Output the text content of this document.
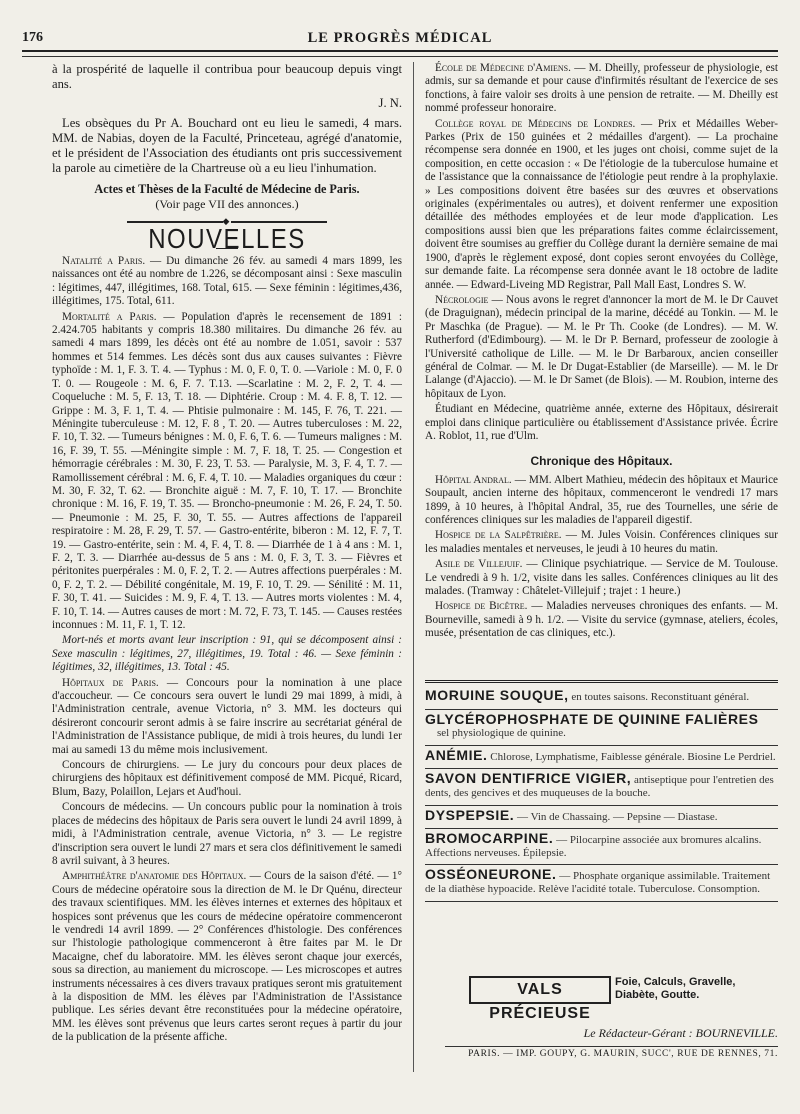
176	LE PROGRÈS MÉDICAL

à la prospérité de laquelle il contribua pour beaucoup depuis vingt ans.

J. N.

Les obsèques du Pr A. Bouchard ont eu lieu le samedi, 4 mars. MM. de Nabias, doyen de la Faculté, Princeteau, agrégé d'anatomie, et le président de l'Association des étudiants ont pris successivement la parole au cimetière de la Chartreuse où a eu lieu l'inhumation.

Actes et Thèses de la Faculté de Médecine de Paris.
(Voir page VII des annonces.)
◆
NOUVELLES

Natalité a Paris. — Du dimanche 26 fév. au samedi 4 mars 1899, les naissances ont été au nombre de 1.226, se décomposant ainsi : Sexe masculin : légitimes, 447, illégitimes, 168. Total, 615. — Sexe féminin : légitimes,436, illégitimes, 175. Total, 611.

Mortalité a Paris. — Population d'après le recensement de 1891 : 2.424.705 habitants y compris 18.380 militaires. Du dimanche 26 fév. au samedi 4 mars 1899, les décès ont été au nombre de 1.051, savoir : 537 hommes et 514 femmes. Les décès sont dus aux causes suivantes : Fièvre typhoïde : M. 1, F. 3. T. 4. — Typhus : M. 0, F. 0, T. 0. —Variole : M. 0, F. 0 T. 0. — Rougeole : M. 6, F. 7. T.13. —Scarlatine : M. 2, F. 2, T. 4. — Coqueluche : M. 5, F. 13, T. 18. — Diphtérie. Croup : M. 4. F. 8, T. 12. — Grippe : M. 3, F. 1, T. 4. — Phtisie pulmonaire : M. 145, F. 76, T. 221. — Méningite tuberculeuse : M. 12, F. 8 , T. 20. — Autres tuberculoses : M. 22, F. 10, T. 32. — Tumeurs bénignes : M. 0, F. 6, T. 6. — Tumeurs malignes : M. 16, F. 39, T. 55. —Méningite simple : M. 7, F. 18, T. 25. — Congestion et hémorragie cérébrales : M. 30, F. 23, T. 53. — Paralysie, M. 3, F. 4, T. 7. — Ramollissement cérébral : M. 6, F. 4, T. 10. — Maladies organiques du cœur : M. 30, F. 32, T. 62. — Bronchite aiguë : M. 7, F. 10, T. 17. — Bronchite chronique : M. 16, F. 19, T. 35. — Broncho-pneumonie : M. 26, F. 24, T. 50. — Pneumonie : M. 25, F. 30, T. 55. — Autres affections de l'appareil respiratoire : M. 28, F. 29, T. 57. — Gastro-entérite, biberon : M. 12, F. 7, T. 19. — Gastro-entérite, sein : M. 4, F. 4, T. 8. — Diarrhée de 1 à 4 ans : M. 1, F. 2, T. 3. — Diarrhée au-dessus de 5 ans : M. 0, F. 3, T. 3. — Fièvres et péritonites puerpérales : M. 0, F. 2, T. 2. — Autres affections puerpérales : M. 0, F. 2, T. 2. — Débilité congénitale, M. 19, F. 10, T. 29. — Sénilité : M. 11, F. 30, T. 41. — Suicides : M. 9, F. 4, T. 13. — Autres morts violentes : M. 4, F. 10, T. 14. — Autres causes de mort : M. 72, F. 73, T. 145. — Causes restées inconnues : M. 11, F. 1, T. 12.

Mort-nés et morts avant leur inscription : 91, qui se décomposent ainsi : Sexe masculin : légitimes, 27, illégitimes, 19. Total : 46. — Sexe féminin : légitimes, 32, illégitimes, 13. Total : 45.

Hôpitaux de Paris. — Concours pour la nomination à une place d'accoucheur. — Ce concours sera ouvert le lundi 29 mai 1899, à midi, à l'Administration centrale, avenue Victoria, n° 3. MM. les docteurs qui désireront concourir seront admis à se faire inscrire au secrétariat général de l'Administration de l'Assistance publique, de midi à trois heures, du lundi 1er mai au samedi 13 du même mois inclusivement.

Concours de chirurgiens. — Le jury du concours pour deux places de chirurgiens des hôpitaux est définitivement composé de MM. Picqué, Ricard, Blum, Bazy, Polaillon, Lejars et Aud'houi.

Concours de médecins. — Un concours public pour la nomination à trois places de médecins des hôpitaux de Paris sera ouvert le lundi 24 avril 1899, à midi, à l'Administration centrale, avenue Victoria, n° 3. — Le registre d'inscription sera ouvert le lundi 27 mars et sera clos définitivement le samedi 8 avril suivant, à 3 heures.

Amphithéâtre d'anatomie des Hôpitaux. — Cours de la saison d'été. — 1° Cours de médecine opératoire sous la direction de M. le Dr Quénu, directeur des travaux scientifiques. MM. les élèves internes et externes des hôpitaux et hospices sont prévenus que les cours de médecine opératoire commenceront le vendredi 14 avril 1899. — 2° Conférences d'histologie. Des conférences sur l'histologie pathologique commenceront à être faites par M. le Dr Macaigne, chef du laboratoire. MM. les élèves seront chaque jour exercés, sous sa direction, au maniement du microscope. — Les microscopes et autres instruments nécessaires à ces divers travaux pratiques seront mis gratuitement à la disposition de MM. les élèves par l'Administration de l'Assistance publique. Les séries devant être reconstituées pour la médecine opératoire, MM. les élèves sont prévenus que leurs cartes seront reçues à partir du jour de la publication de la présente affiche.

École de Médecine d'Amiens. — M. Dheilly, professeur de physiologie, est admis, sur sa demande et pour cause d'infirmités résultant de l'exercice de ses fonctions, à faire valoir ses droits à une pension de retraite. — M. Dheilly est nommé professeur honoraire.

Collège royal de Médecins de Londres. — Prix et Médailles Weber-Parkes (Prix de 150 guinées et 2 médailles d'argent). — La prochaine récompense sera donnée en 1900, et les juges ont choisi, comme sujet de la composition, en cette occasion : « De l'étiologie de la tuberculose humaine et de l'assistance que la connaissance de l'étiologie peut rendre à la prophylaxie. » Les compositions doivent être basées sur des œuvres et observations originales (expérimentales ou autres), et doivent renfermer une exposition détaillée des méthodes employées et de leur mode d'application. Les compositions aussi bien que les préparations faites comme éclaircissement, doivent être soumises au greffier du Collège durant la dernière semaine de mai 1900, d'après le règlement exposé, dont copies seront envoyées du Collège, sur demande faite. La récompense sera donnée avant le 18 octobre de ladite année. — Edward-Liveing MD Registrar, Pall Mall East, Londres S. W.

Nécrologie — Nous avons le regret d'annoncer la mort de M. le Dr Cauvet (de Draguignan), médecin principal de la marine, décédé au Tonkin. — M. le Pr Maschka (de Prague). — M. le Pr Th. Cooke (de Londres). — M. W. Rutherford (d'Edimbourg). — M. le Dr P. Bernard, professeur de zoologie à l'Université catholique de Lille. — M. le Dr Barbaroux, ancien conseiller général de Colmar. — M. le Dr Dugat-Establier (de Marseille). — M. le Dr Lalange (d'Ajaccio). — M. le Dr Samet (de Blois). — M. Roubion, interne des hôpitaux de Lyon.

Étudiant en Médecine, quatrième année, externe des Hôpitaux, désirerait emploi dans clinique particulière ou établissement d'Assistance privée. Écrire A. Roblot, 11, rue d'Ulm.

Chronique des Hôpitaux.

Hôpital Andral. — MM. Albert Mathieu, médecin des hôpitaux et Maurice Soupault, ancien interne des hôpitaux, commenceront le vendredi 17 mars 1899, à 10 heures, à l'hôpital Andral, 35, rue des Tournelles, une série de conférences cliniques sur les maladies de l'appareil digestif.

Hospice de la Salpêtrière. — M. Jules Voisin. Conférences cliniques sur les maladies mentales et nerveuses, le jeudi à 10 heures du matin.

Asile de Villejuif. — Clinique psychiatrique. — Service de M. Toulouse. Le vendredi à 9 h. 1/2, visite dans les salles. Conférences cliniques au lit des malades. (Tramway : Châtelet-Villejuif ; trajet : 1 heure.)

Hospice de Bicêtre. — Maladies nerveuses chroniques des enfants. — M. Bourneville, samedi à 9 h. 1/2. — Visite du service (gymnase, ateliers, écoles, musée, présentation de cas cliniques, etc.).

MORUINE SOUQUE, en toutes saisons. Reconstituant général.
GLYCÉROPHOSPHATE DE QUININE FALIÈRES
sel physiologique de quinine.
ANÉMIE. Chlorose, Lymphatisme, Faiblesse générale. Biosine Le Perdriel.
SAVON DENTIFRICE VIGIER, antiseptique pour l'entretien des dents, des gencives et des muqueuses de la bouche.
DYSPEPSIE. — Vin de Chassaing. — Pepsine — Diastase.
BROMOCARPINE. — Pilocarpine associée aux bromures alcalins. Affections nerveuses. Épilepsie.
OSSÉONEURONE. — Phosphate organique assimilable. Traitement de la diathèse hypoacide. Relève l'acidité totale. Tuberculose. Consomption.
VALS PRÉCIEUSE
Foie, Calculs, Gravelle,
Diabète, Goutte.
Le Rédacteur-Gérant : BOURNEVILLE.
PARIS. — IMP. GOUPY, G. MAURIN, SUCC', RUE DE RENNES, 71.
